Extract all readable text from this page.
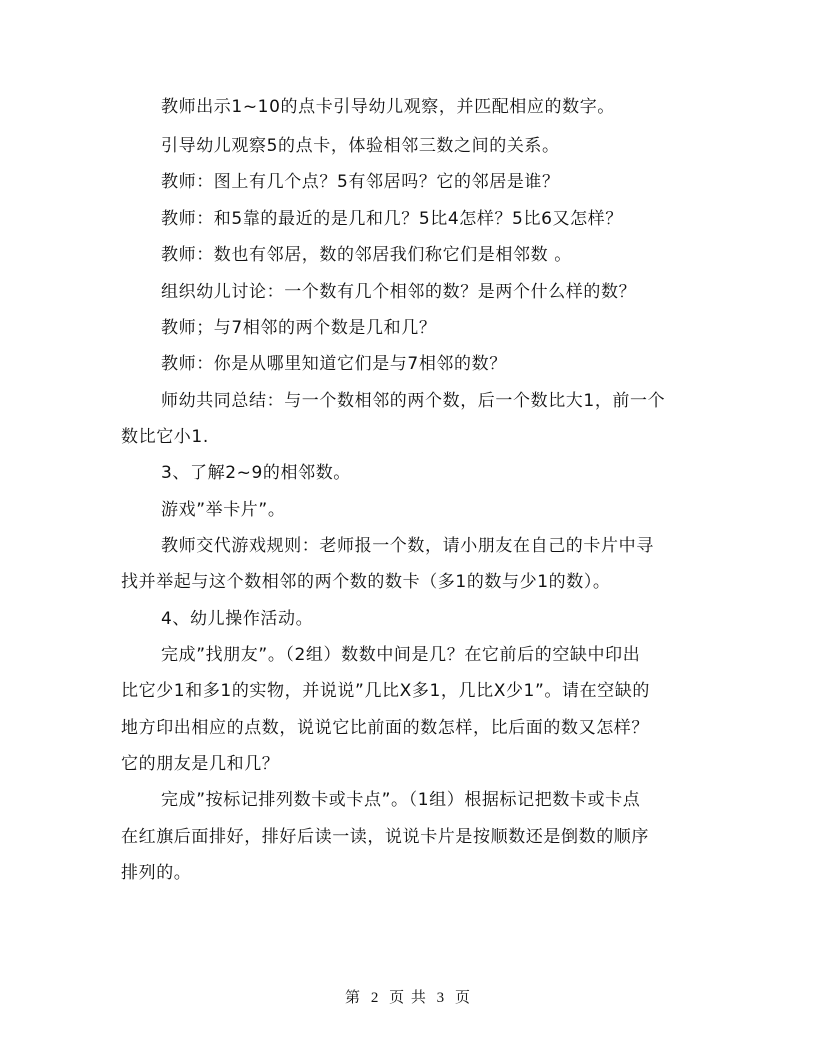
教师出示1~10的点卡引导幼儿观察，并匹配相应的数字。
引导幼儿观察5的点卡，体验相邻三数之间的关系。
教师：图上有几个点？5有邻居吗？它的邻居是谁？
教师：和5靠的最近的是几和几？5比4怎样？5比6又怎样？
教师：数也有邻居，数的邻居我们称它们是相邻数 。
组织幼儿讨论：一个数有几个相邻的数？是两个什么样的数？
教师；与7相邻的两个数是几和几？
教师：你是从哪里知道它们是与7相邻的数？
师幼共同总结：与一个数相邻的两个数，后一个数比大1，前一个
数比它小1.
3、了解2~9的相邻数。
游戏”举卡片”。
教师交代游戏规则：老师报一个数，请小朋友在自己的卡片中寻
找并举起与这个数相邻的两个数的数卡（多1的数与少1的数）。
4、幼儿操作活动。
完成”找朋友”。（2组）数数中间是几？在它前后的空缺中印出
比它少1和多1的实物，并说说”几比X多1，几比X少1”。请在空缺的
地方印出相应的点数，说说它比前面的数怎样，比后面的数又怎样？
它的朋友是几和几？
完成”按标记排列数卡或卡点”。（1组）根据标记把数卡或卡点
在红旗后面排好，排好后读一读，说说卡片是按顺数还是倒数的顺序
排列的。
第 2 页 共 3 页
